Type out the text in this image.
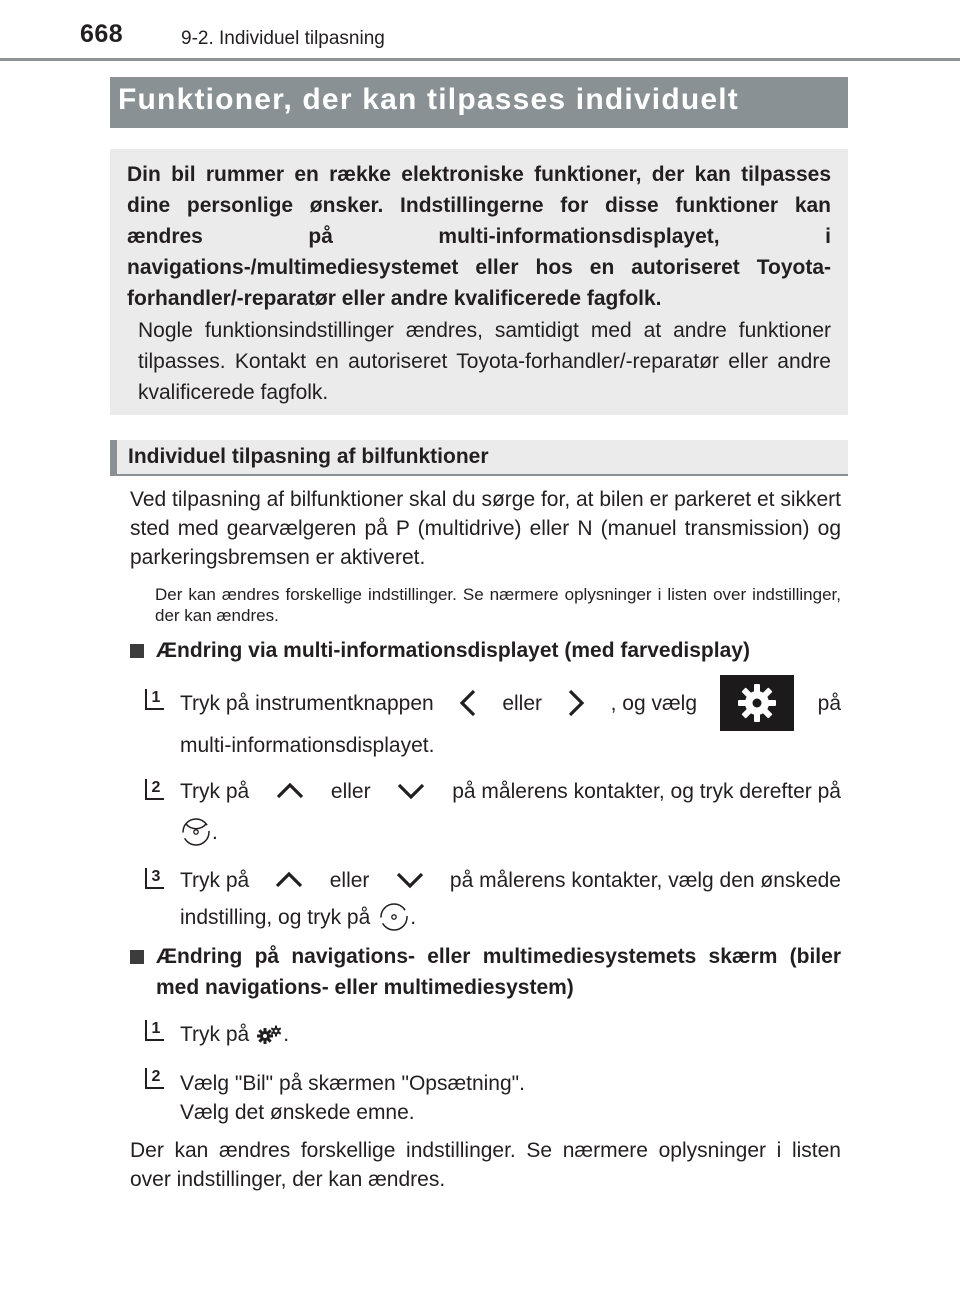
668	9-2. Individuel tilpasning
Funktioner, der kan tilpasses individuelt
Din bil rummer en række elektroniske funktioner, der kan tilpasses dine personlige ønsker. Indstillingerne for disse funktioner kan ændres på multi-informationsdisplayet, i navigations-/multimediesystemet eller hos en autoriseret Toyota-forhandler/-reparatør eller andre kvalificerede fagfolk.
Nogle funktionsindstillinger ændres, samtidigt med at andre funktioner tilpasses. Kontakt en autoriseret Toyota-forhandler/-reparatør eller andre kvalificerede fagfolk.
Individuel tilpasning af bilfunktioner
Ved tilpasning af bilfunktioner skal du sørge for, at bilen er parkeret et sikkert sted med gearvælgeren på P (multidrive) eller N (manuel transmission) og parkeringsbremsen er aktiveret.
Der kan ændres forskellige indstillinger. Se nærmere oplysninger i listen over indstillinger, der kan ændres.
Ændring via multi-informationsdisplayet (med farvedisplay)
1 Tryk på instrumentknappen	eller	, og vælg	på
multi-informationsdisplayet.
2 Tryk på	eller	på målerens kontakter, og tryk derefter på
.
3 Tryk på	eller	på målerens kontakter, vælg den ønskede
indstilling, og tryk på .
Ændring på navigations- eller multimediesystemets skærm (biler med navigations- eller multimediesystem)
1 Tryk på .
2 Vælg "Bil" på skærmen "Opsætning".
Vælg det ønskede emne.
Der kan ændres forskellige indstillinger. Se nærmere oplysninger i listen over indstillinger, der kan ændres.
